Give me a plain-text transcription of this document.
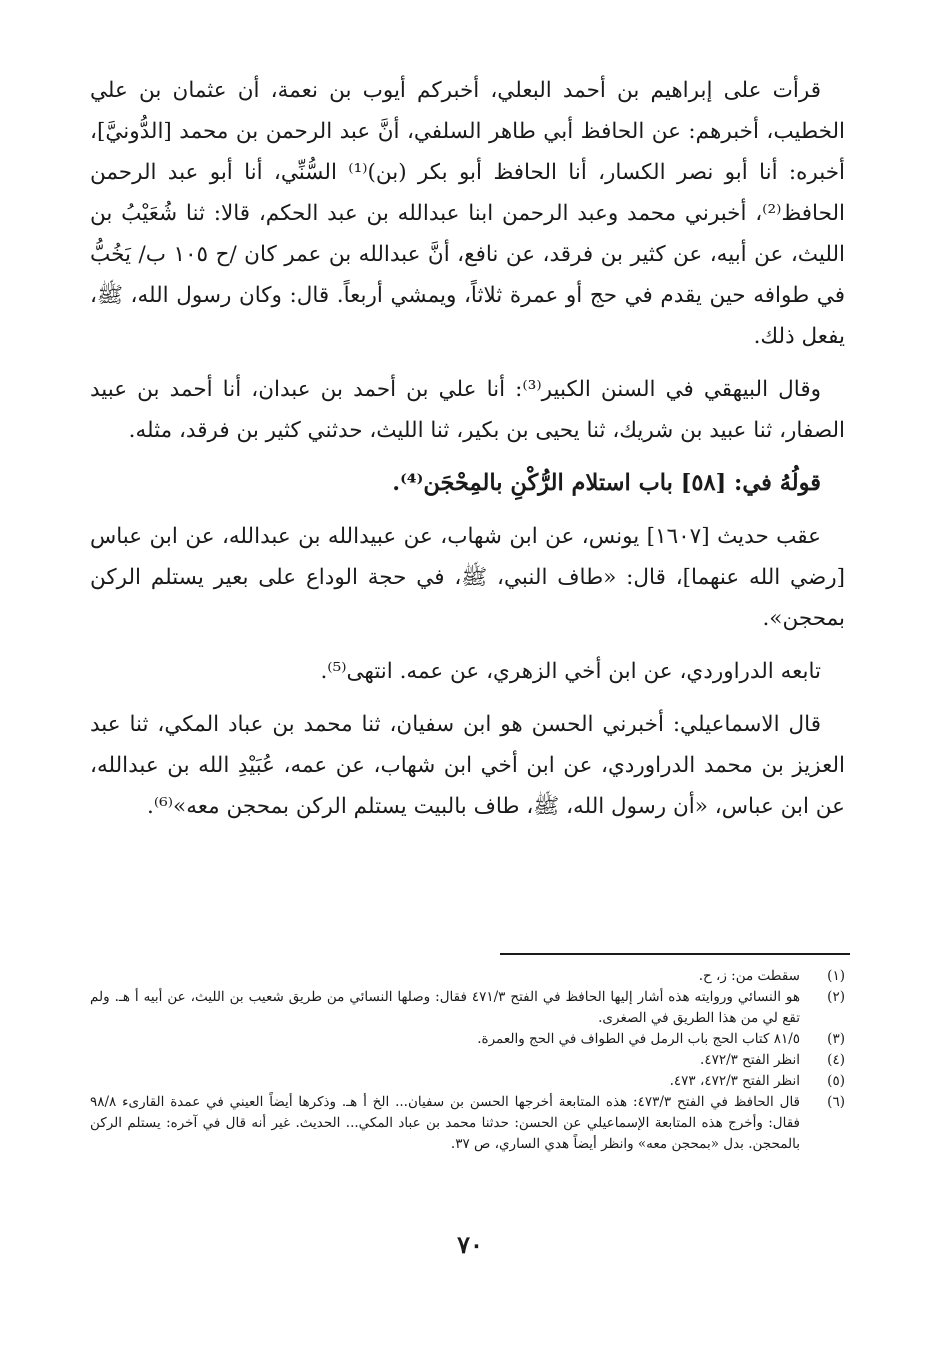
قرأت على إبراهيم بن أحمد البعلي، أخبركم أيوب بن نعمة، أن عثمان بن علي الخطيب، أخبرهم: عن الحافظ أبي طاهر السلفي، أنَّ عبد الرحمن بن محمد [الدُّونيَّ]، أخبره: أنا أبو نصر الكسار، أنا الحافظ أبو بكر (بن)⁽¹⁾ السُّنِّي، أنا أبو عبد الرحمن الحافظ⁽²⁾، أخبرني محمد وعبد الرحمن ابنا عبدالله بن عبد الحكم، قالا: ثنا شُعَيْبُ بن الليث، عن أبيه، عن كثير بن فرقد، عن نافع، أنَّ عبدالله بن عمر كان /ح ١٠٥ ب/ يَخُبُّ في طوافه حين يقدم في حج أو عمرة ثلاثاً، ويمشي أربعاً. قال: وكان رسول الله، ﷺ، يفعل ذلك.

وقال البيهقي في السنن الكبير⁽³⁾: أنا علي بن أحمد بن عبدان، أنا أحمد بن عبيد الصفار، ثنا عبيد بن شريك، ثنا يحيى بن بكير، ثنا الليث، حدثني كثير بن فرقد، مثله.

قولُهُ في: [٥٨] باب استلام الرُّكْنِ بالمِحْجَن⁽⁴⁾.

عقب حديث [١٦٠٧] يونس، عن ابن شهاب، عن عبيدالله بن عبدالله، عن ابن عباس [رضي الله عنهما]، قال: «طاف النبي، ﷺ، في حجة الوداع على بعير يستلم الركن بمحجن».

تابعه الدراوردي، عن ابن أخي الزهري، عن عمه. انتهى⁽⁵⁾.

قال الاسماعيلي: أخبرني الحسن هو ابن سفيان، ثنا محمد بن عباد المكي، ثنا عبد العزيز بن محمد الدراوردي، عن ابن أخي ابن شهاب، عن عمه، عُبَيْدِ الله بن عبدالله، عن ابن عباس، «أن رسول الله، ﷺ، طاف بالبيت يستلم الركن بمحجن معه»⁽⁶⁾.

(١)
سقطت من: ز، ح.
(٢)
هو النسائي وروايته هذه أشار إليها الحافظ في الفتح ٤٧١/٣ فقال: وصلها النسائي من طريق شعيب بن الليث، عن أبيه أ هـ. ولم تقع لي من هذا الطريق في الصغرى.
(٣)
٨١/٥ كتاب الحج باب الرمل في الطواف في الحج والعمرة.
(٤)
انظر الفتح ٤٧٢/٣.
(٥)
انظر الفتح ٤٧٢/٣، ٤٧٣.
(٦)
قال الحافظ في الفتح ٤٧٣/٣: هذه المتابعة أخرجها الحسن بن سفيان... الخ أ هـ. وذكرها أيضاً العيني في عمدة القارىء ٩٨/٨ فقال: وأخرج هذه المتابعة الإسماعيلي عن الحسن: حدثنا محمد بن عباد المكي... الحديث. غير أنه قال في آخره: يستلم الركن بالمحجن. بدل «بمحجن معه» وانظر أيضاً هدي الساري، ص ٣٧.
٧٠
